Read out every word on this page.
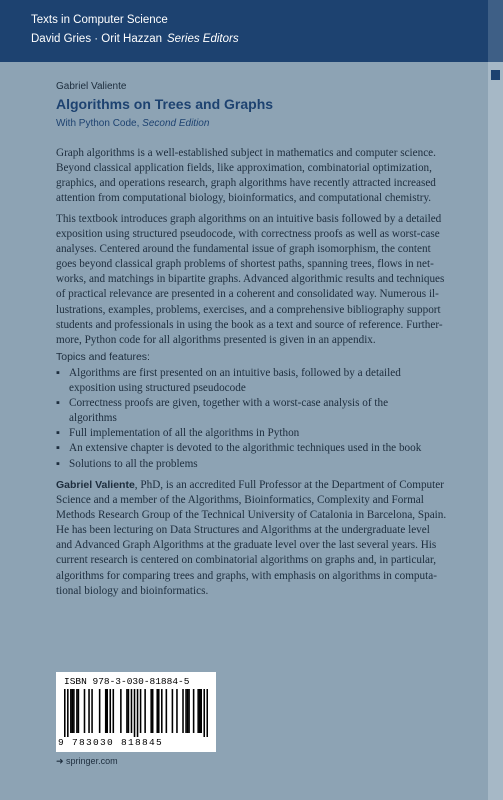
Texts in Computer Science
David Gries · Orit Hazzan Series Editors
Gabriel Valiente
Algorithms on Trees and Graphs
With Python Code, Second Edition
Graph algorithms is a well-established subject in mathematics and computer science.
Beyond classical application fields, like approximation, combinatorial optimization,
graphics, and operations research, graph algorithms have recently attracted increased
attention from computational biology, bioinformatics, and computational chemistry.
This textbook introduces graph algorithms on an intuitive basis followed by a detailed
exposition using structured pseudocode, with correctness proofs as well as worst-case
analyses. Centered around the fundamental issue of graph isomorphism, the content
goes beyond classical graph problems of shortest paths, spanning trees, flows in net-
works, and matchings in bipartite graphs. Advanced algorithmic results and techniques
of practical relevance are presented in a coherent and consolidated way. Numerous il-
lustrations, examples, problems, exercises, and a comprehensive bibliography support
students and professionals in using the book as a text and source of reference. Further-
more, Python code for all algorithms presented is given in an appendix.
Topics and features:
▪ Algorithms are first presented on an intuitive basis, followed by a detailed
exposition using structured pseudocode
▪ Correctness proofs are given, together with a worst-case analysis of the
algorithms
▪ Full implementation of all the algorithms in Python
▪ An extensive chapter is devoted to the algorithmic techniques used in the book
▪ Solutions to all the problems
Gabriel Valiente, PhD, is an accredited Full Professor at the Department of Computer
Science and a member of the Algorithms, Bioinformatics, Complexity and Formal
Methods Research Group of the Technical University of Catalonia in Barcelona, Spain.
He has been lecturing on Data Structures and Algorithms at the undergraduate level
and Advanced Graph Algorithms at the graduate level over the last several years. His
current research is centered on combinatorial algorithms on graphs and, in particular,
algorithms for comparing trees and graphs, with emphasis on algorithms in computa-
tional biology and bioinformatics.
ISBN 978-3-030-81884-5
9 783030 818845
➜ springer.com
